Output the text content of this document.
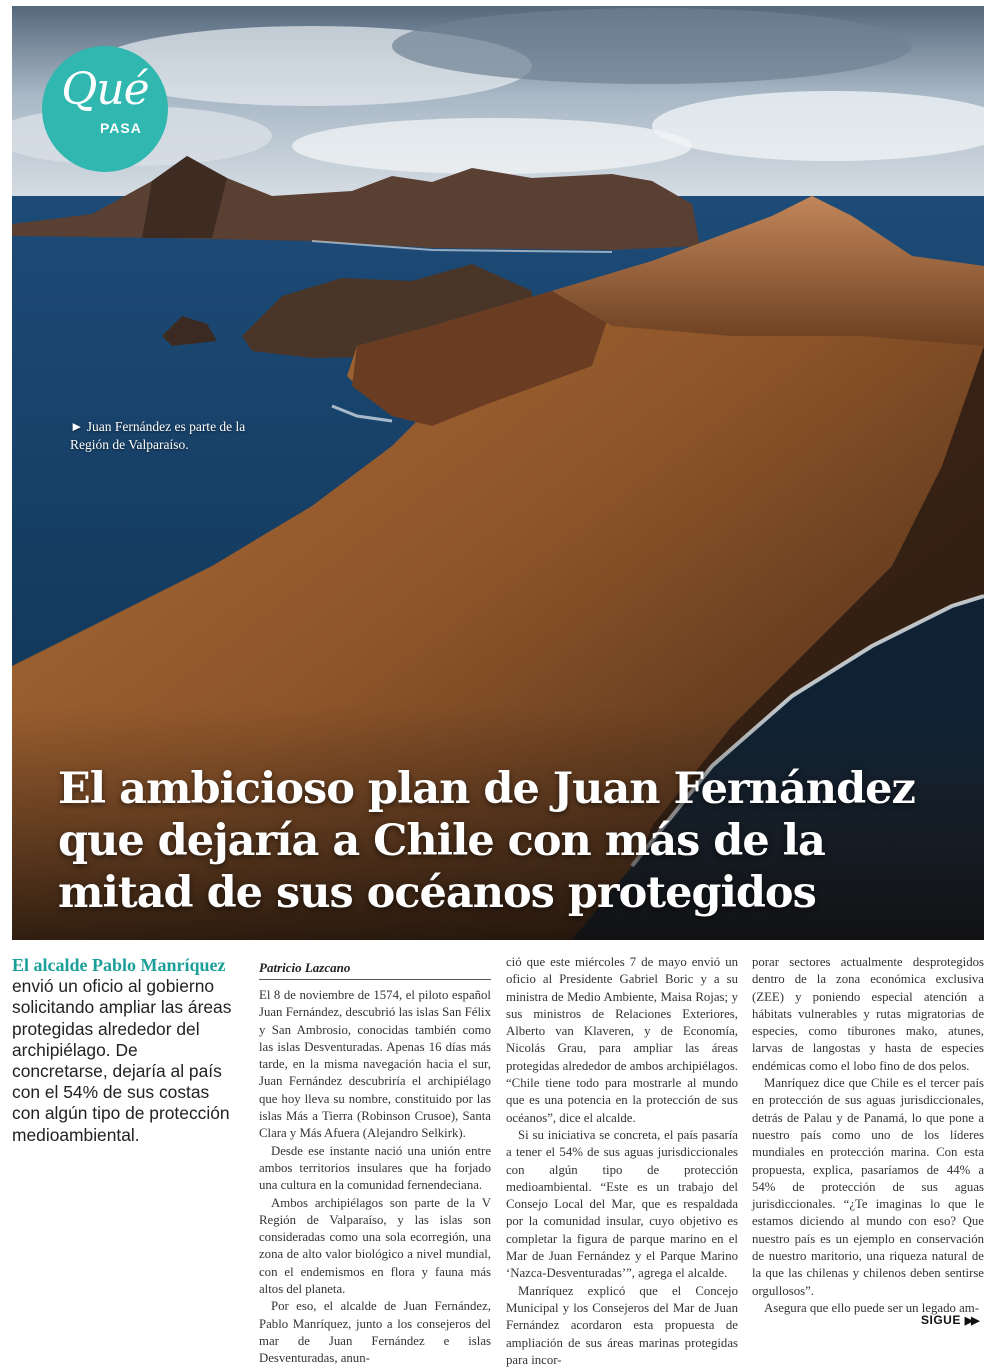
Qué
PASA
► Juan Fernández es parte de la Región de Valparaíso.
El ambicioso plan de Juan Fernández que dejaría a Chile con más de la mitad de sus océanos protegidos

El alcalde Pablo Manríquez envió un oficio al gobierno solicitando ampliar las áreas protegidas alrededor del archipiélago. De concretarse, dejaría al país con el 54% de sus costas con algún tipo de protección medioambiental.

Patricio Lazcano

El 8 de noviembre de 1574, el piloto español Juan Fernández, descubrió las islas San Félix y San Ambrosio, conocidas también como las islas Desventuradas. Apenas 16 días más tarde, en la misma navegación hacia el sur, Juan Fernández descubriría el archipiélago que hoy lleva su nombre, constituido por las islas Más a Tierra (Robinson Crusoe), Santa Clara y Más Afuera (Alejandro Selkirk).

Desde ese instante nació una unión entre ambos territorios insulares que ha forjado una cultura en la comunidad fernendeciana.

Ambos archipiélagos son parte de la V Región de Valparaíso, y las islas son consideradas como una sola ecorregión, una zona de alto valor biológico a nivel mundial, con el endemismos en flora y fauna más altos del planeta.

Por eso, el alcalde de Juan Fernández, Pablo Manríquez, junto a los consejeros del mar de Juan Fernández e islas Desventuradas, anun-

ció que este miércoles 7 de mayo envió un oficio al Presidente Gabriel Boric y a su ministra de Medio Ambiente, Maisa Rojas; y sus ministros de Relaciones Exteriores, Alberto van Klaveren, y de Economía, Nicolás Grau, para ampliar las áreas protegidas alrededor de ambos archipiélagos. “Chile tiene todo para mostrarle al mundo que es una potencia en la protección de sus océanos”, dice el alcalde.

Si su iniciativa se concreta, el país pasaría a tener el 54% de sus aguas jurisdiccionales con algún tipo de protección medioambiental. “Este es un trabajo del Consejo Local del Mar, que es respaldada por la comunidad insular, cuyo objetivo es completar la figura de parque marino en el Mar de Juan Fernández y el Parque Marino ‘Nazca-Desventuradas’”, agrega el alcalde.

Manríquez explicó que el Concejo Municipal y los Consejeros del Mar de Juan Fernández acordaron esta propuesta de ampliación de sus áreas marinas protegidas para incor-

porar sectores actualmente desprotegidos dentro de la zona económica exclusiva (ZEE) y poniendo especial atención a hábitats vulnerables y rutas migratorias de especies, como tiburones mako, atunes, larvas de langostas y hasta de especies endémicas como el lobo fino de dos pelos.

Manríquez dice que Chile es el tercer país en protección de sus aguas jurisdiccionales, detrás de Palau y de Panamá, lo que pone a nuestro país como uno de los líderes mundiales en protección marina. Con esta propuesta, explica, pasaríamos de 44% a 54% de protección de sus aguas jurisdiccionales. “¿Te imaginas lo que le estamos diciendo al mundo con eso? Que nuestro país es un ejemplo en conservación de nuestro maritorio, una riqueza natural de la que las chilenas y chilenos deben sentirse orgullosos”.

Asegura que ello puede ser un legado am-

SIGUE ▶▶
